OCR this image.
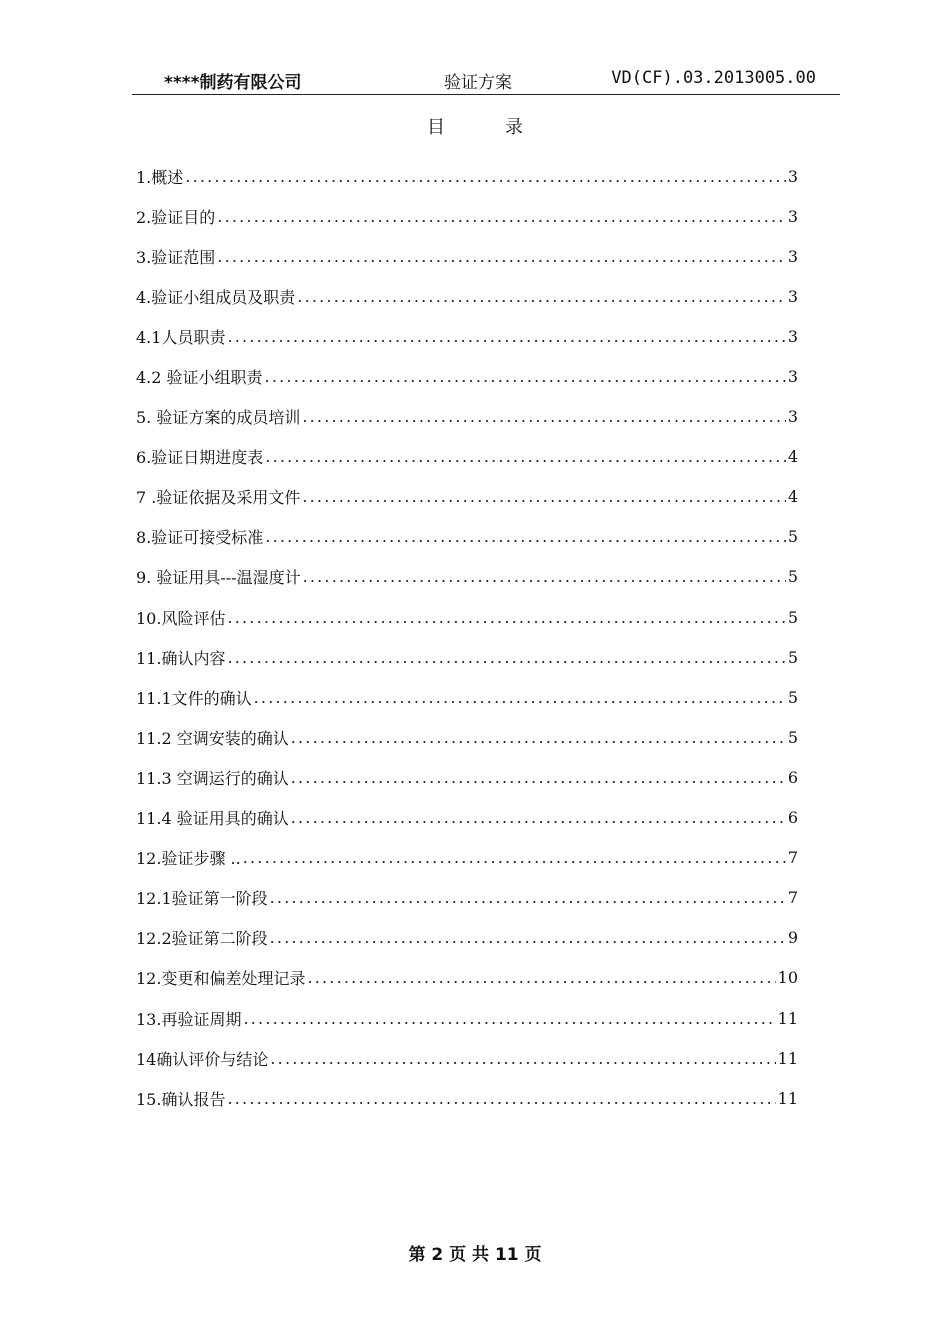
****制药有限公司	验证方案	VD(CF).03.2013005.00
目录
1.概述 .....	3
2.验证目的 .....	3
3.验证范围 .....	3
4.验证小组成员及职责 .....	3
4.1人员职责 .....	3
4.2 验证小组职责 .....	3
5. 验证方案的成员培训 .....	3
6.验证日期进度表 .....	4
7 .验证依据及采用文件 .....	4
8.验证可接受标准 .....	5
9. 验证用具---温湿度计 .....	5
10.风险评估 .....	5
11.确认内容 .....	5
11.1文件的确认 .....	5
11.2 空调安装的确认 .....	5
11.3 空调运行的确认 .....	6
11.4 验证用具的确认 .....	6
12.验证步骤 .. .....	7
12.1验证第一阶段 .....	7
12.2验证第二阶段 .....	9
12.变更和偏差处理记录 .....	10
13.再验证周期 .....	11
14确认评价与结论 .....	11
15.确认报告 .....	11
第 2 页 共 11 页
